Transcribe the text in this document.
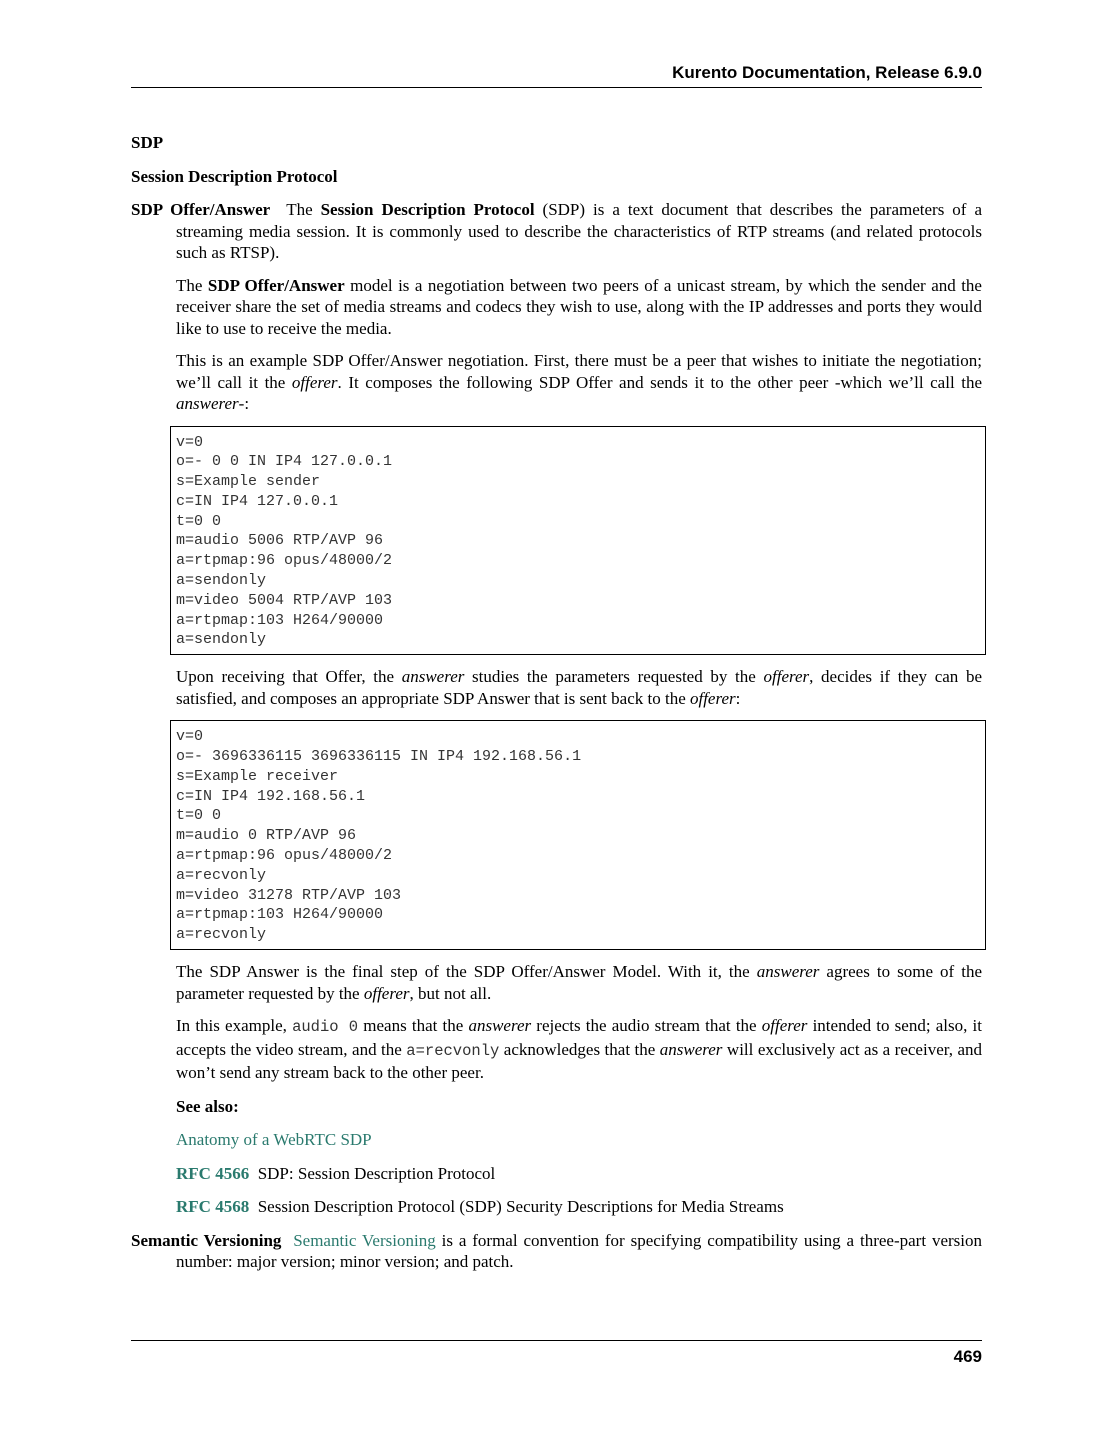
Kurento Documentation, Release 6.9.0
SDP
Session Description Protocol

SDP Offer/Answer The Session Description Protocol (SDP) is a text document that describes the parameters of a streaming media session. It is commonly used to describe the characteristics of RTP streams (and related protocols such as RTSP).

The SDP Offer/Answer model is a negotiation between two peers of a unicast stream, by which the sender and the receiver share the set of media streams and codecs they wish to use, along with the IP addresses and ports they would like to use to receive the media.

This is an example SDP Offer/Answer negotiation. First, there must be a peer that wishes to initiate the negotiation; we’ll call it the offerer. It composes the following SDP Offer and sends it to the other peer -which we’ll call the answerer-:

v=0
o=- 0 0 IN IP4 127.0.0.1
s=Example sender
c=IN IP4 127.0.0.1
t=0 0
m=audio 5006 RTP/AVP 96
a=rtpmap:96 opus/48000/2
a=sendonly
m=video 5004 RTP/AVP 103
a=rtpmap:103 H264/90000
a=sendonly

Upon receiving that Offer, the answerer studies the parameters requested by the offerer, decides if they can be satisfied, and composes an appropriate SDP Answer that is sent back to the offerer:

v=0
o=- 3696336115 3696336115 IN IP4 192.168.56.1
s=Example receiver
c=IN IP4 192.168.56.1
t=0 0
m=audio 0 RTP/AVP 96
a=rtpmap:96 opus/48000/2
a=recvonly
m=video 31278 RTP/AVP 103
a=rtpmap:103 H264/90000
a=recvonly

The SDP Answer is the final step of the SDP Offer/Answer Model. With it, the answerer agrees to some of the parameter requested by the offerer, but not all.

In this example, audio 0 means that the answerer rejects the audio stream that the offerer intended to send; also, it accepts the video stream, and the a=recvonly acknowledges that the answerer will exclusively act as a receiver, and won’t send any stream back to the other peer.

See also:
Anatomy of a WebRTC SDP
RFC 4566 SDP: Session Description Protocol
RFC 4568 Session Description Protocol (SDP) Security Descriptions for Media Streams

Semantic Versioning Semantic Versioning is a formal convention for specifying compatibility using a three-part version number: major version; minor version; and patch.

469
